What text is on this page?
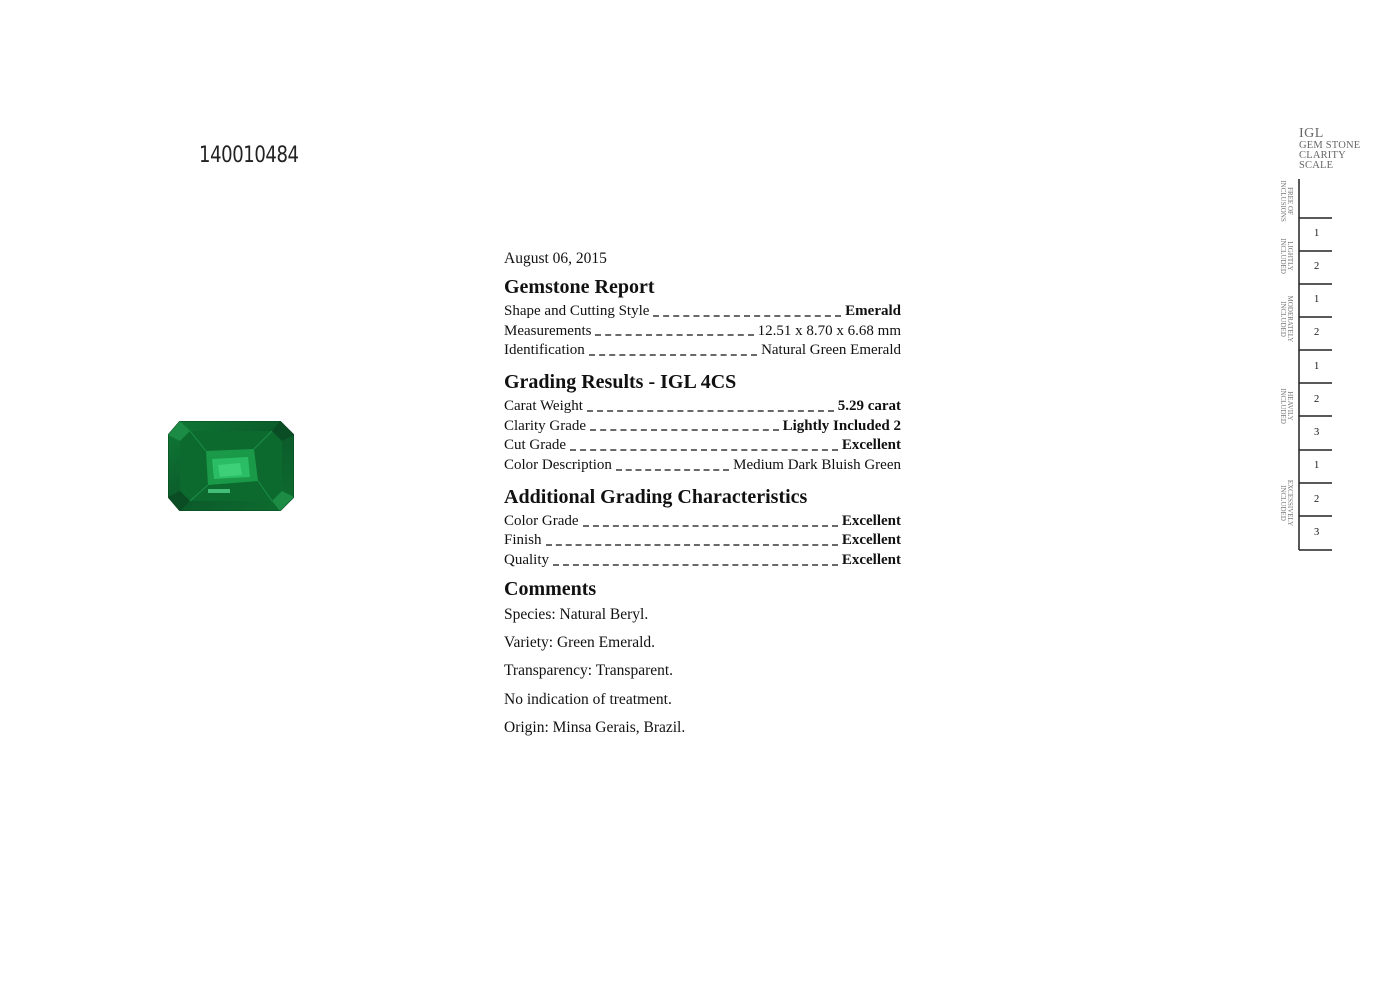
140010484
August 06, 2015
Gemstone Report
Shape and Cutting Style	Emerald
Measurements	12.51 x 8.70 x 6.68 mm
Identification	Natural Green Emerald
Grading Results - IGL 4CS
Carat Weight	5.29 carat
Clarity Grade	Lightly Included 2
Cut Grade	Excellent
Color Description	Medium Dark Bluish Green
Additional Grading Characteristics
Color Grade	Excellent
Finish	Excellent
Quality	Excellent
Comments
Species: Natural Beryl.
Variety: Green Emerald.
Transparency: Transparent.
No indication of treatment.
Origin: Minsa Gerais, Brazil.
IGL
GEM STONE
CLARITY
SCALE
FREE OF
INCLUSIONS
LIGHTLY
INCLUDED
MODERATELY
INCLUDED
HEAVILY
INCLUDED
EXCESSIVELY
INCLUDED
1
2
1
2
1
2
3
1
2
3
